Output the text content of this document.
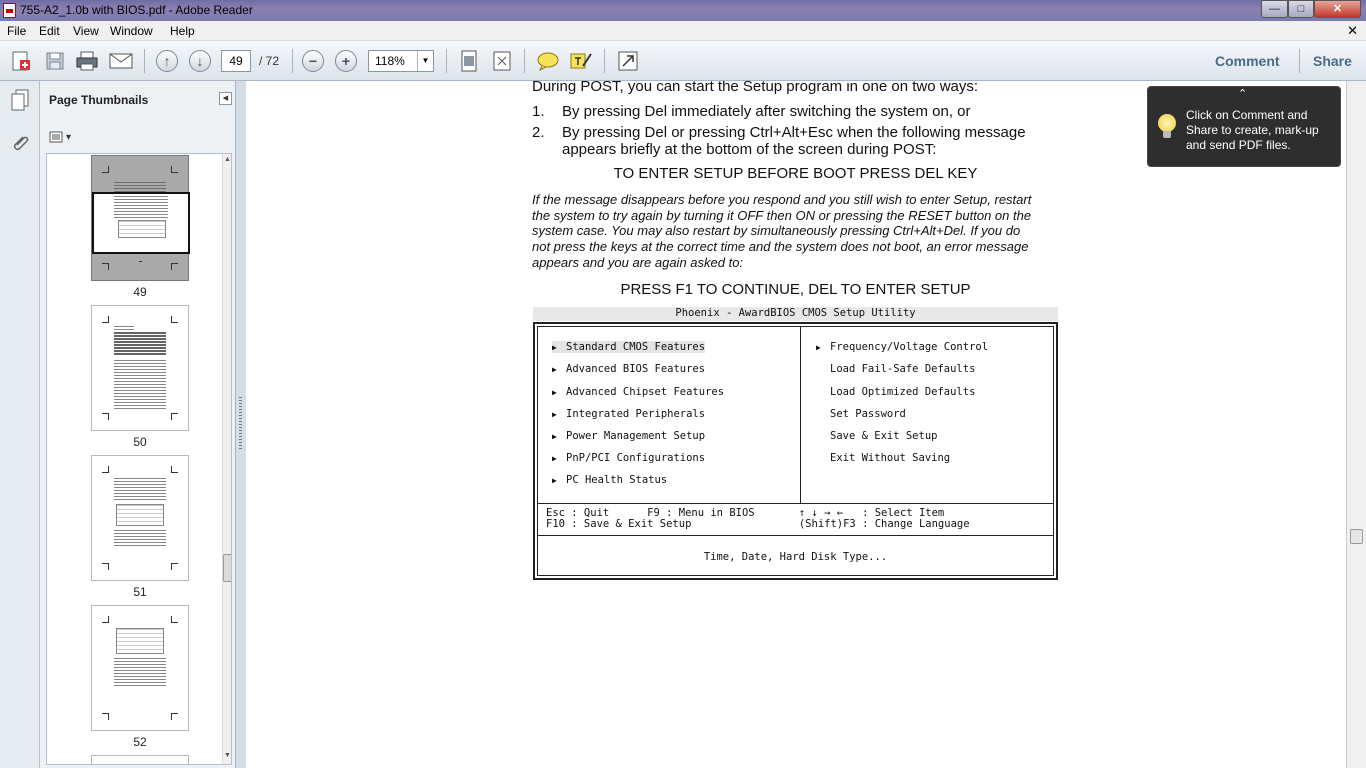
755-A2_1.0b with BIOS.pdf - Adobe Reader	—	□	✕
File Edit View Window Help	✕
↑	↓	49	/ 72	−	+	118%	▼	Comment Share
Page Thumbnails	◀
▾
49
50
51
52
▲
▼
During POST, you can start the Setup program in one on two ways:
1. By pressing Del immediately after switching the system on, or
2. By pressing Del or pressing Ctrl+Alt+Esc when the following message
appears briefly at the bottom of the screen during POST:
TO ENTER SETUP BEFORE BOOT PRESS DEL KEY
If the message disappears before you respond and you still wish to enter Setup, restart
the system to try again by turning it OFF then ON or pressing the RESET button on the
system case. You may also restart by simultaneously pressing Ctrl+Alt+Del. If you do
not press the keys at the correct time and the system does not boot, an error message
appears and you are again asked to:
PRESS F1 TO CONTINUE, DEL TO ENTER SETUP
Phoenix - AwardBIOS CMOS Setup Utility
▶ Standard CMOS Features
▶ Advanced BIOS Features
▶ Advanced Chipset Features
▶ Integrated Peripherals
▶ Power Management Setup
▶ PnP/PCI Configurations
▶ PC Health Status
▶ Frequency/Voltage Control
Load Fail-Safe Defaults
Load Optimized Defaults
Set Password
Save & Exit Setup
Exit Without Saving
Esc : Quit      F9 : Menu in BIOS       ↑ ↓ → ←   : Select Item
F10 : Save & Exit Setup                 (Shift)F3 : Change Language
Time, Date, Hard Disk Type...
⌃
Click on Comment and Share to create, mark-up and send PDF files.
